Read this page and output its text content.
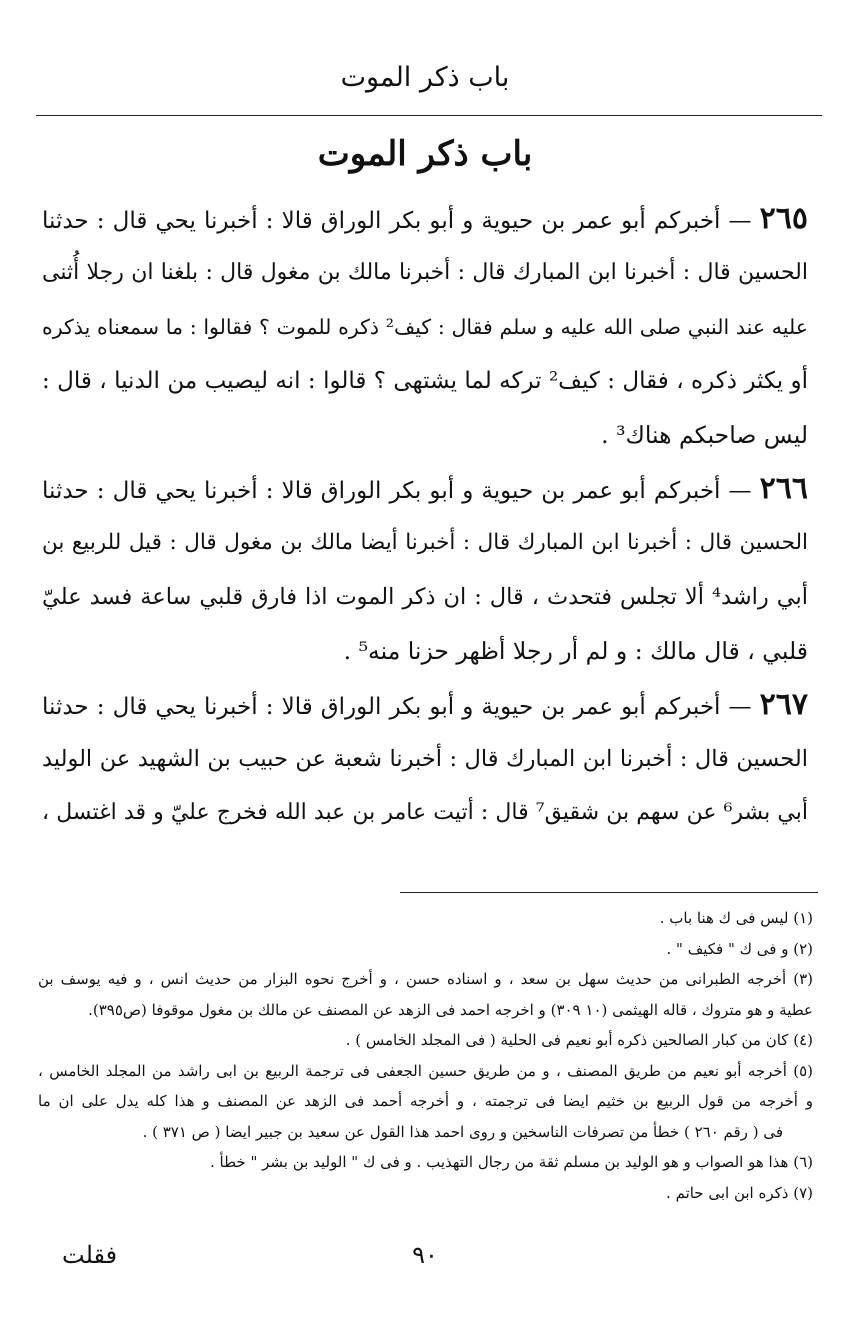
باب ذكر الموت
باب ذكر الموت
٢٦٥ — أخبركم أبو عمر بن حيوية و أبو بكر الوراق قالا : أخبرنا يحي قال : حدثنا
الحسين قال : أخبرنا ابن المبارك قال : أخبرنا مالك بن مغول قال : بلغنا ان رجلا أُثنى
عليه عند النبي صلى الله عليه و سلم فقال : كيف² ذكره للموت ؟ فقالوا : ما سمعناه يذكره
أو يكثر ذكره ، فقال : كيف² تركه لما يشتهى ؟ قالوا : انه ليصيب من الدنيا ، قال :
ليس صاحبكم هناك³ .
٢٦٦ — أخبركم أبو عمر بن حيوية و أبو بكر الوراق قالا : أخبرنا يحي قال : حدثنا
الحسين قال : أخبرنا ابن المبارك قال : أخبرنا أيضا مالك بن مغول قال : قيل للربيع بن
أبي راشد⁴ ألا تجلس فتحدث ، قال : ان ذكر الموت اذا فارق قلبي ساعة فسد عليّ
قلبي ، قال مالك : و لم أر رجلا أظهر حزنا منه⁵ .
٢٦٧ — أخبركم أبو عمر بن حيوية و أبو بكر الوراق قالا : أخبرنا يحي قال : حدثنا
الحسين قال : أخبرنا ابن المبارك قال : أخبرنا شعبة عن حبيب بن الشهيد عن الوليد
أبي بشر⁶ عن سهم بن شقيق⁷ قال : أتيت عامر بن عبد الله فخرج عليّ و قد اغتسل ،
(١) ليس فى ك هنا باب .
(٢) و فى ك " فكيف " .
(٣) أخرجه الطبرانى من حديث سهل بن سعد ، و اسناده حسن ، و أخرج نحوه البزار من حديث انس ، و فيه يوسف بن
عطية و هو متروك ، قاله الهيثمى (١٠ ٣٠٩) و اخرجه احمد فى الزهد عن المصنف عن مالك بن مغول موقوفا (ص٣٩٥).
(٤) كان من كبار الصالحين ذكره أبو نعيم فى الحلية ( فى المجلد الخامس ) .
(٥) أخرجه أبو نعيم من طريق المصنف ، و من طريق حسين الجعفى فى ترجمة الربيع بن ابى راشد من المجلد الخامس ،
و أخرجه من قول الربيع بن خثيم ايضا فى ترجمته ، و أخرجه أحمد فى الزهد عن المصنف و هذا كله يدل على ان ما
فى ( رقم ٢٦٠ ) خطأ من تصرفات الناسخين و روى احمد هذا القول عن سعيد بن جبير ايضا ( ص ٣٧١ ) .
(٦) هذا هو الصواب و هو الوليد بن مسلم ثقة من رجال التهذيب . و فى ك " الوليد بن بشر " خطأ .
(٧) ذكره ابن ابى حاتم .
٩٠
فقلت
